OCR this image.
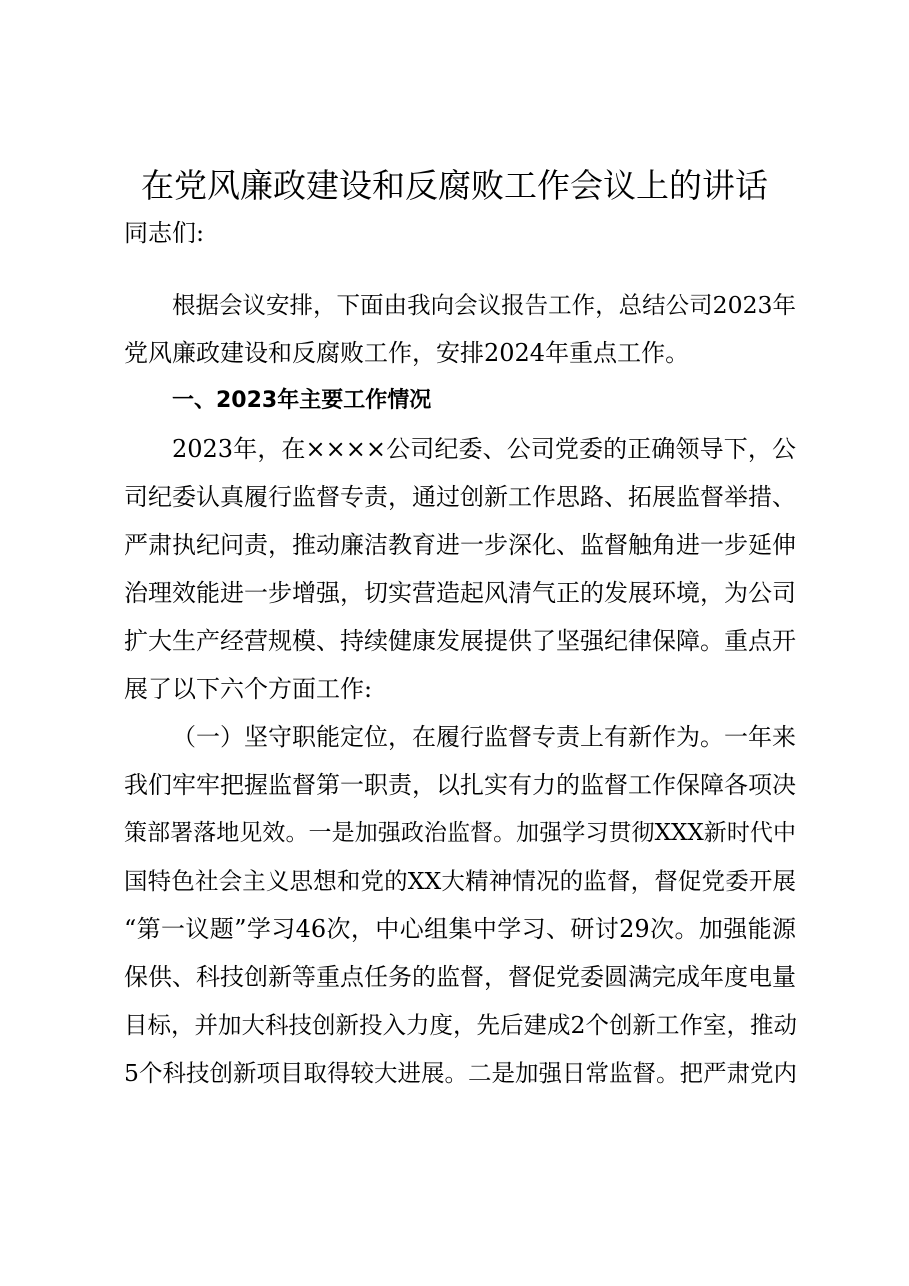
在党风廉政建设和反腐败工作会议上的讲话
同志们:
根据会议安排，下面由我向会议报告工作，总结公司2023年
党风廉政建设和反腐败工作，安排2024年重点工作。
一、2023年主要工作情况
2023年，在××××公司纪委、公司党委的正确领导下，公
司纪委认真履行监督专责，通过创新工作思路、拓展监督举措、
严肃执纪问责，推动廉洁教育进一步深化、监督触角进一步延伸
治理效能进一步增强，切实营造起风清气正的发展环境，为公司
扩大生产经营规模、持续健康发展提供了坚强纪律保障。重点开
展了以下六个方面工作:
（一）坚守职能定位，在履行监督专责上有新作为。一年来
我们牢牢把握监督第一职责，以扎实有力的监督工作保障各项决
策部署落地见效。一是加强政治监督。加强学习贯彻XXX新时代中
国特色社会主义思想和党的XX大精神情况的监督，督促党委开展
“第一议题”学习46次，中心组集中学习、研讨29次。加强能源
保供、科技创新等重点任务的监督，督促党委圆满完成年度电量
目标，并加大科技创新投入力度，先后建成2个创新工作室，推动
5个科技创新项目取得较大进展。二是加强日常监督。把严肃党内
